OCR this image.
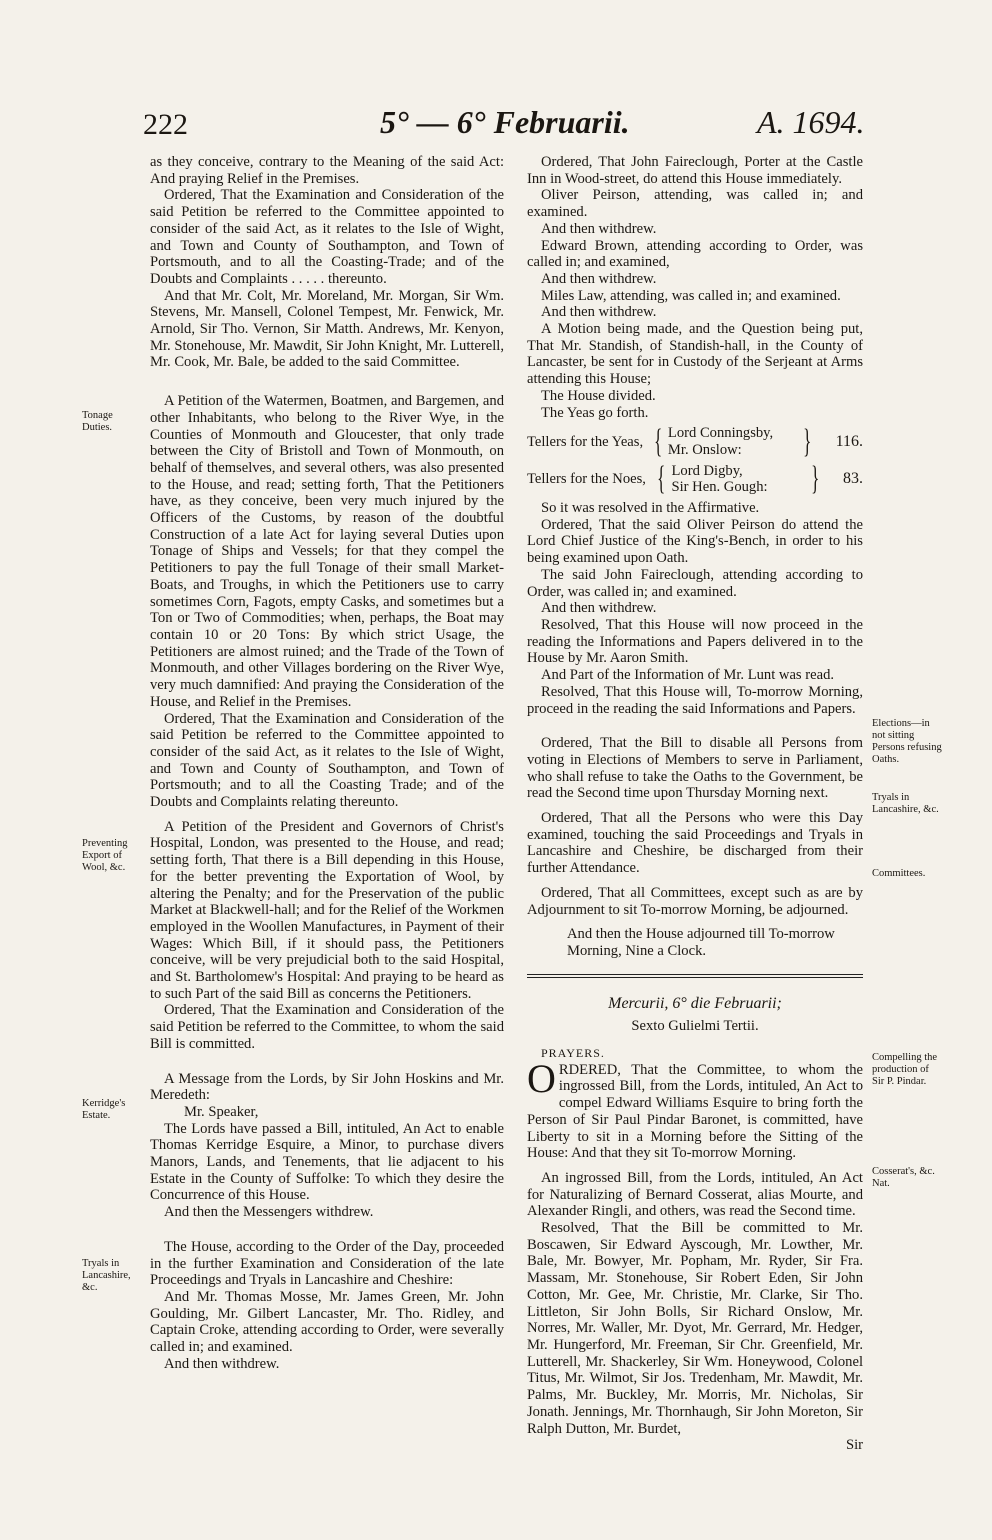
222	5° — 6° Februarii.	A. 1694.
Tonage Duties.
Preventing Export of Wool, &c.
Kerridge's Estate.
Tryals in Lancashire, &c.
Elections—in not sitting Persons refusing Oaths.
Tryals in Lancashire, &c.
Committees.
Compelling the production of Sir P. Pindar.
Cosserat's, &c. Nat.

as they conceive, contrary to the Meaning of the said Act: And praying Relief in the Premises.

Ordered, That the Examination and Consideration of the said Petition be referred to the Committee appointed to consider of the said Act, as it relates to the Isle of Wight, and Town and County of Southampton, and Town of Portsmouth, and to all the Coasting-Trade; and of the Doubts and Complaints . . . . . thereunto.

And that Mr. Colt, Mr. Moreland, Mr. Morgan, Sir Wm. Stevens, Mr. Mansell, Colonel Tempest, Mr. Fenwick, Mr. Arnold, Sir Tho. Vernon, Sir Matth. Andrews, Mr. Kenyon, Mr. Stonehouse, Mr. Mawdit, Sir John Knight, Mr. Lutterell, Mr. Cook, Mr. Bale, be added to the said Committee.

A Petition of the Watermen, Boatmen, and Bargemen, and other Inhabitants, who belong to the River Wye, in the Counties of Monmouth and Gloucester, that only trade between the City of Bristoll and Town of Monmouth, on behalf of themselves, and several others, was also presented to the House, and read; setting forth, That the Petitioners have, as they conceive, been very much injured by the Officers of the Customs, by reason of the doubtful Construction of a late Act for laying several Duties upon Tonage of Ships and Vessels; for that they compel the Petitioners to pay the full Tonage of their small Market-Boats, and Troughs, in which the Petitioners use to carry sometimes Corn, Fagots, empty Casks, and sometimes but a Ton or Two of Commodities; when, perhaps, the Boat may contain 10 or 20 Tons: By which strict Usage, the Petitioners are almost ruined; and the Trade of the Town of Monmouth, and other Villages bordering on the River Wye, very much damnified: And praying the Consideration of the House, and Relief in the Premises.

Ordered, That the Examination and Consideration of the said Petition be referred to the Committee appointed to consider of the said Act, as it relates to the Isle of Wight, and Town and County of Southampton, and Town of Portsmouth; and to all the Coasting Trade; and of the Doubts and Complaints relating thereunto.

A Petition of the President and Governors of Christ's Hospital, London, was presented to the House, and read; setting forth, That there is a Bill depending in this House, for the better preventing the Exportation of Wool, by altering the Penalty; and for the Preservation of the public Market at Blackwell-hall; and for the Relief of the Workmen employed in the Woollen Manufactures, in Payment of their Wages: Which Bill, if it should pass, the Petitioners conceive, will be very prejudicial both to the said Hospital, and St. Bartholomew's Hospital: And praying to be heard as to such Part of the said Bill as concerns the Petitioners.

Ordered, That the Examination and Consideration of the said Petition be referred to the Committee, to whom the said Bill is committed.

A Message from the Lords, by Sir John Hoskins and Mr. Meredeth:

Mr. Speaker,

The Lords have passed a Bill, intituled, An Act to enable Thomas Kerridge Esquire, a Minor, to purchase divers Manors, Lands, and Tenements, that lie adjacent to his Estate in the County of Suffolke: To which they desire the Concurrence of this House.

And then the Messengers withdrew.

The House, according to the Order of the Day, proceeded in the further Examination and Consideration of the late Proceedings and Tryals in Lancashire and Cheshire:

And Mr. Thomas Mosse, Mr. James Green, Mr. John Goulding, Mr. Gilbert Lancaster, Mr. Tho. Ridley, and Captain Croke, attending according to Order, were severally called in; and examined.

And then withdrew.

Ordered, That John Faireclough, Porter at the Castle Inn in Wood-street, do attend this House immediately.

Oliver Peirson, attending, was called in; and examined.

And then withdrew.

Edward Brown, attending according to Order, was called in; and examined,

And then withdrew.

Miles Law, attending, was called in; and examined.

And then withdrew.

A Motion being made, and the Question being put, That Mr. Standish, of Standish-hall, in the County of Lancaster, be sent for in Custody of the Serjeant at Arms attending this House;

The House divided.

The Yeas go forth.

Tellers for the Yeas, { Lord Conningsby,
Mr. Onslow:	} 116.
Tellers for the Noes, { Lord Digby,
Sir Hen. Gough:	} 83.

So it was resolved in the Affirmative.

Ordered, That the said Oliver Peirson do attend the Lord Chief Justice of the King's-Bench, in order to his being examined upon Oath.

The said John Faireclough, attending according to Order, was called in; and examined.

And then withdrew.

Resolved, That this House will now proceed in the reading the Informations and Papers delivered in to the House by Mr. Aaron Smith.

And Part of the Information of Mr. Lunt was read.

Resolved, That this House will, To-morrow Morning, proceed in the reading the said Informations and Papers.

Ordered, That the Bill to disable all Persons from voting in Elections of Members to serve in Parliament, who shall refuse to take the Oaths to the Government, be read the Second time upon Thursday Morning next.

Ordered, That all the Persons who were this Day examined, touching the said Proceedings and Tryals in Lancashire and Cheshire, be discharged from their further Attendance.

Ordered, That all Committees, except such as are by Adjournment to sit To-morrow Morning, be adjourned.

And then the House adjourned till To-morrow Morning, Nine a Clock.

Mercurii, 6° die Februarii;
Sexto Gulielmi Tertii.
PRAYERS.

ORDERED, That the Committee, to whom the ingrossed Bill, from the Lords, intituled, An Act to compel Edward Williams Esquire to bring forth the Person of Sir Paul Pindar Baronet, is committed, have Liberty to sit in a Morning before the Sitting of the House: And that they sit To-morrow Morning.

An ingrossed Bill, from the Lords, intituled, An Act for Naturalizing of Bernard Cosserat, alias Mourte, and Alexander Ringli, and others, was read the Second time.

Resolved, That the Bill be committed to Mr. Boscawen, Sir Edward Ayscough, Mr. Lowther, Mr. Bale, Mr. Bowyer, Mr. Popham, Mr. Ryder, Sir Fra. Massam, Mr. Stonehouse, Sir Robert Eden, Sir John Cotton, Mr. Gee, Mr. Christie, Mr. Clarke, Sir Tho. Littleton, Sir John Bolls, Sir Richard Onslow, Mr. Norres, Mr. Waller, Mr. Dyot, Mr. Gerrard, Mr. Hedger, Mr. Hungerford, Mr. Freeman, Sir Chr. Greenfield, Mr. Lutterell, Mr. Shackerley, Sir Wm. Honeywood, Colonel Titus, Mr. Wilmot, Sir Jos. Tredenham, Mr. Mawdit, Mr. Palms, Mr. Buckley, Mr. Morris, Mr. Nicholas, Sir Jonath. Jennings, Mr. Thornhaugh, Sir John Moreton, Sir Ralph Dutton, Mr. Burdet,

Sir
